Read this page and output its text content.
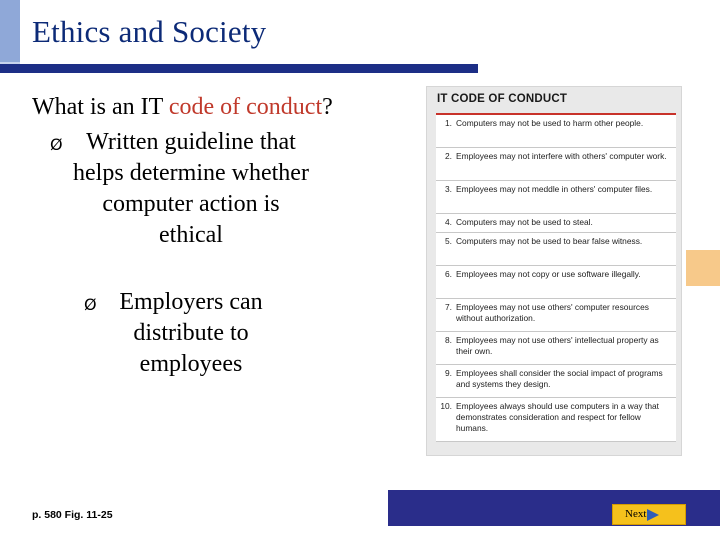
Ethics and Society
What is an IT code of conduct?
Ø Written guideline that helps determine whether computer action is ethical
Ø Employers can distribute to employees
IT CODE OF CONDUCT
1. Computers may not be used to harm other people.
2. Employees may not interfere with others' computer work.
3. Employees may not meddle in others' computer files.
4. Computers may not be used to steal.
5. Computers may not be used to bear false witness.
6. Employees may not copy or use software illegally.
7. Employees may not use others' computer resources without authorization.
8. Employees may not use others' intellectual property as their own.
9. Employees shall consider the social impact of programs and systems they design.
10. Employees always should use computers in a way that demonstrates consideration and respect for fellow humans.
p. 580 Fig. 11-25	Next
